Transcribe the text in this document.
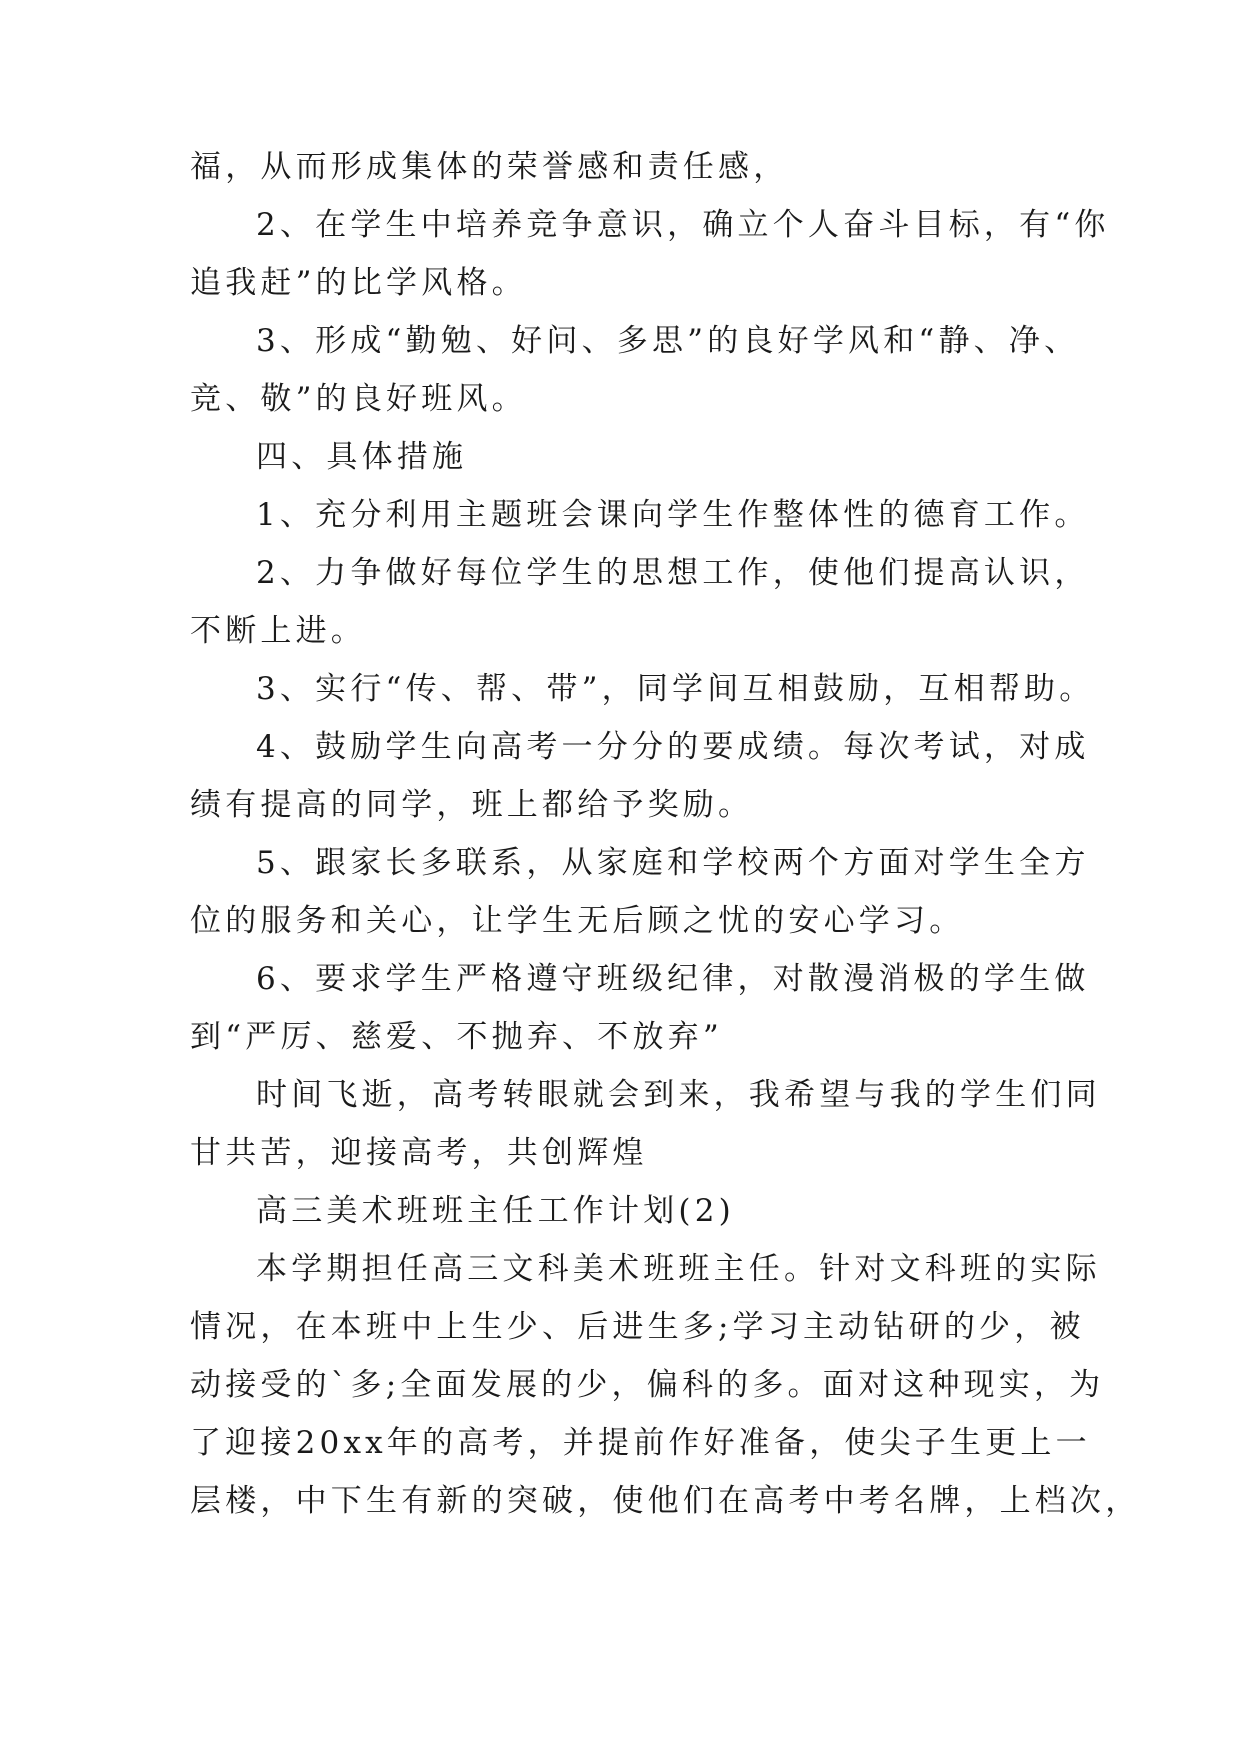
福，从而形成集体的荣誉感和责任感，
2、在学生中培养竞争意识，确立个人奋斗目标，有“你
追我赶”的比学风格。
3、形成“勤勉、好问、多思”的良好学风和“静、净、
竞、敬”的良好班风。
四、具体措施
1、充分利用主题班会课向学生作整体性的德育工作。
2、力争做好每位学生的思想工作，使他们提高认识，
不断上进。
3、实行“传、帮、带”，同学间互相鼓励，互相帮助。
4、鼓励学生向高考一分分的要成绩。每次考试，对成
绩有提高的同学，班上都给予奖励。
5、跟家长多联系，从家庭和学校两个方面对学生全方
位的服务和关心，让学生无后顾之忧的安心学习。
6、要求学生严格遵守班级纪律，对散漫消极的学生做
到“严厉、慈爱、不抛弃、不放弃”
时间飞逝，高考转眼就会到来，我希望与我的学生们同
甘共苦，迎接高考，共创辉煌
高三美术班班主任工作计划(2)
本学期担任高三文科美术班班主任。针对文科班的实际
情况，在本班中上生少、后进生多;学习主动钻研的少，被
动接受的`多;全面发展的少，偏科的多。面对这种现实，为
了迎接20xx年的高考，并提前作好准备，使尖子生更上一
层楼，中下生有新的突破，使他们在高考中考名牌，上档次，
